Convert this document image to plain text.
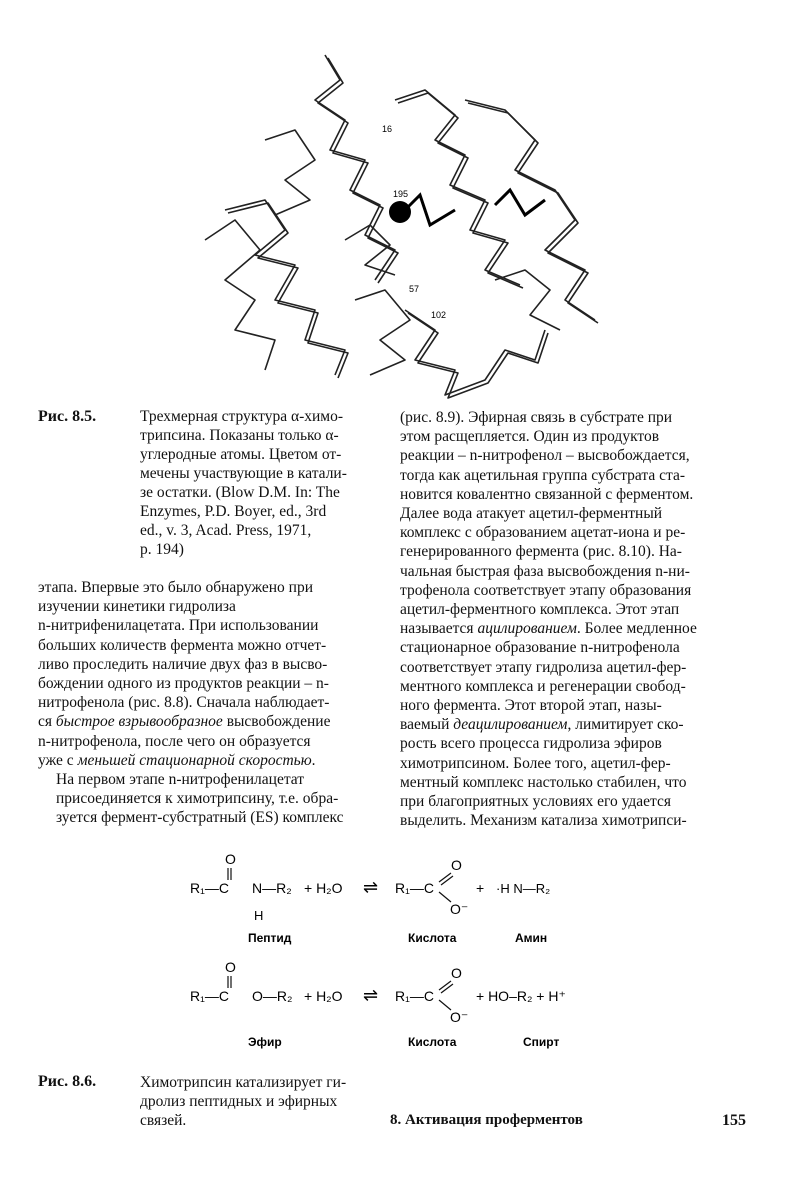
16
195
57
102
Рис. 8.5.	Трехмерная структура α-химо-
трипсина. Показаны только α-
углеродные атомы. Цветом от-
мечены участвующие в катали-
зе остатки. (Blow D.M. In: The
Enzymes, P.D. Boyer, ed., 3rd
ed., v. 3, Acad. Press, 1971,
p. 194)
этапа. Впервые это было обнаружено при
изучении кинетики гидролиза
n-нитрифенилацетата. При использовании
больших количеств фермента можно отчет-
ливо проследить наличие двух фаз в высво-
бождении одного из продуктов реакции – n-
нитрофенола (рис. 8.8). Сначала наблюдает-
ся быстрое взрывообразное высвобождение
n-нитрофенола, после чего он образуется
уже с меньшей стационарной скоростью.
На первом этапе n-нитрофенилацетат
присоединяется к химотрипсину, т.е. обра-
зуется фермент-субстратный (ES) комплекс
(рис. 8.9). Эфирная связь в субстрате при
этом расщепляется. Один из продуктов
реакции – n-нитрофенол – высвобождается,
тогда как ацетильная группа субстрата ста-
новится ковалентно связанной с ферментом.
Далее вода атакует ацетил-ферментный
комплекс с образованием ацетат-иона и ре-
генерированного фермента (рис. 8.10). На-
чальная быстрая фаза высвобождения n-ни-
трофенола соответствует этапу образования
ацетил-ферментного комплекса. Этот этап
называется ацилированием. Более медленное
стационарное образование n-нитрофенола
соответствует этапу гидролиза ацетил-фер-
ментного комплекса и регенерации свобод-
ного фермента. Этот второй этап, назы-
ваемый деацилированием, лимитирует ско-
рость всего процесса гидролиза эфиров
химотрипсином. Более того, ацетил-фер-
ментный комплекс настолько стабилен, что
при благоприятных условиях его удается
выделить. Механизм катализа химотрипси-
O
R₁—C N—R₂
H
+ H₂O ⇌ R₁—C
O
O⁻
+ ·H N—R₂
Пептид	Кислота	Амин
O
R₁—C O—R₂ + H₂O ⇌ R₁—C
O
O⁻
+ HO–R₂ + H⁺
Эфир	Кислота	Спирт
Рис. 8.6.	Химотрипсин катализирует ги-
дролиз пептидных и эфирных
связей.	8. Активация проферментов	155
